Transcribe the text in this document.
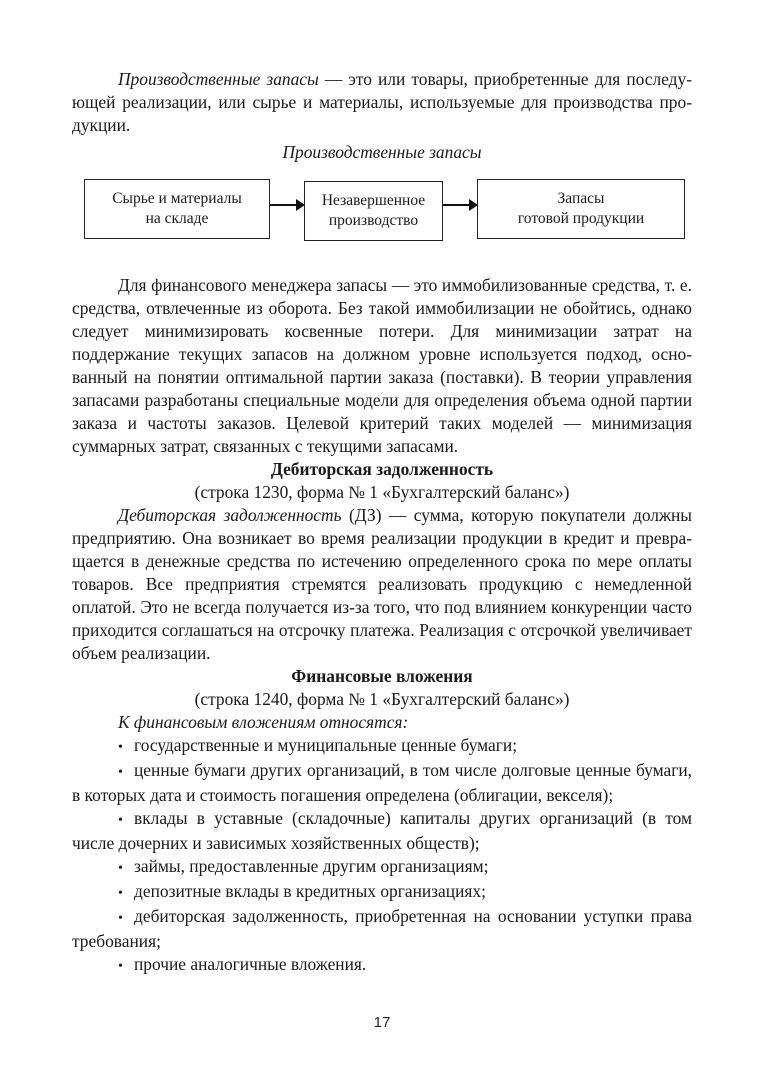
Производственные запасы — это или товары, приобретенные для последующей реализации, или сырье и материалы, используемые для производства продукции.

Производственные запасы

Сырье и материалы
на складе
Незавершенное
производство
Запасы
готовой продукции

Для финансового менеджера запасы — это иммобилизованные средства, т. е. средства, отвлеченные из оборота. Без такой иммобилизации не обойтись, однако следует минимизировать косвенные потери. Для минимизации затрат на поддержание текущих запасов на должном уровне используется подход, основанный на понятии оптимальной партии заказа (поставки). В теории управления запасами разработаны специальные модели для определения объема одной партии заказа и частоты заказов. Целевой критерий таких моделей — минимизация суммарных затрат, связанных с текущими запасами.

Дебиторская задолженность

(строка 1230, форма № 1 «Бухгалтерский баланс»)

Дебиторская задолженность (ДЗ) — сумма, которую покупатели должны предприятию. Она возникает во время реализации продукции в кредит и превращается в денежные средства по истечению определенного срока по мере оплаты товаров. Все предприятия стремятся реализовать продукцию с немедленной оплатой. Это не всегда получается из-за того, что под влиянием конкуренции часто приходится соглашаться на отсрочку платежа. Реализация с отсрочкой увеличивает объем реализации.

Финансовые вложения

(строка 1240, форма № 1 «Бухгалтерский баланс»)

К финансовым вложениям относятся:

• государственные и муниципальные ценные бумаги;

• ценные бумаги других организаций, в том числе долговые ценные бумаги, в которых дата и стоимость погашения определена (облигации, векселя);

• вклады в уставные (складочные) капиталы других организаций (в том числе дочерних и зависимых хозяйственных обществ);

• займы, предоставленные другим организациям;

• депозитные вклады в кредитных организациях;

• дебиторская задолженность, приобретенная на основании уступки права требования;

• прочие аналогичные вложения.

17
